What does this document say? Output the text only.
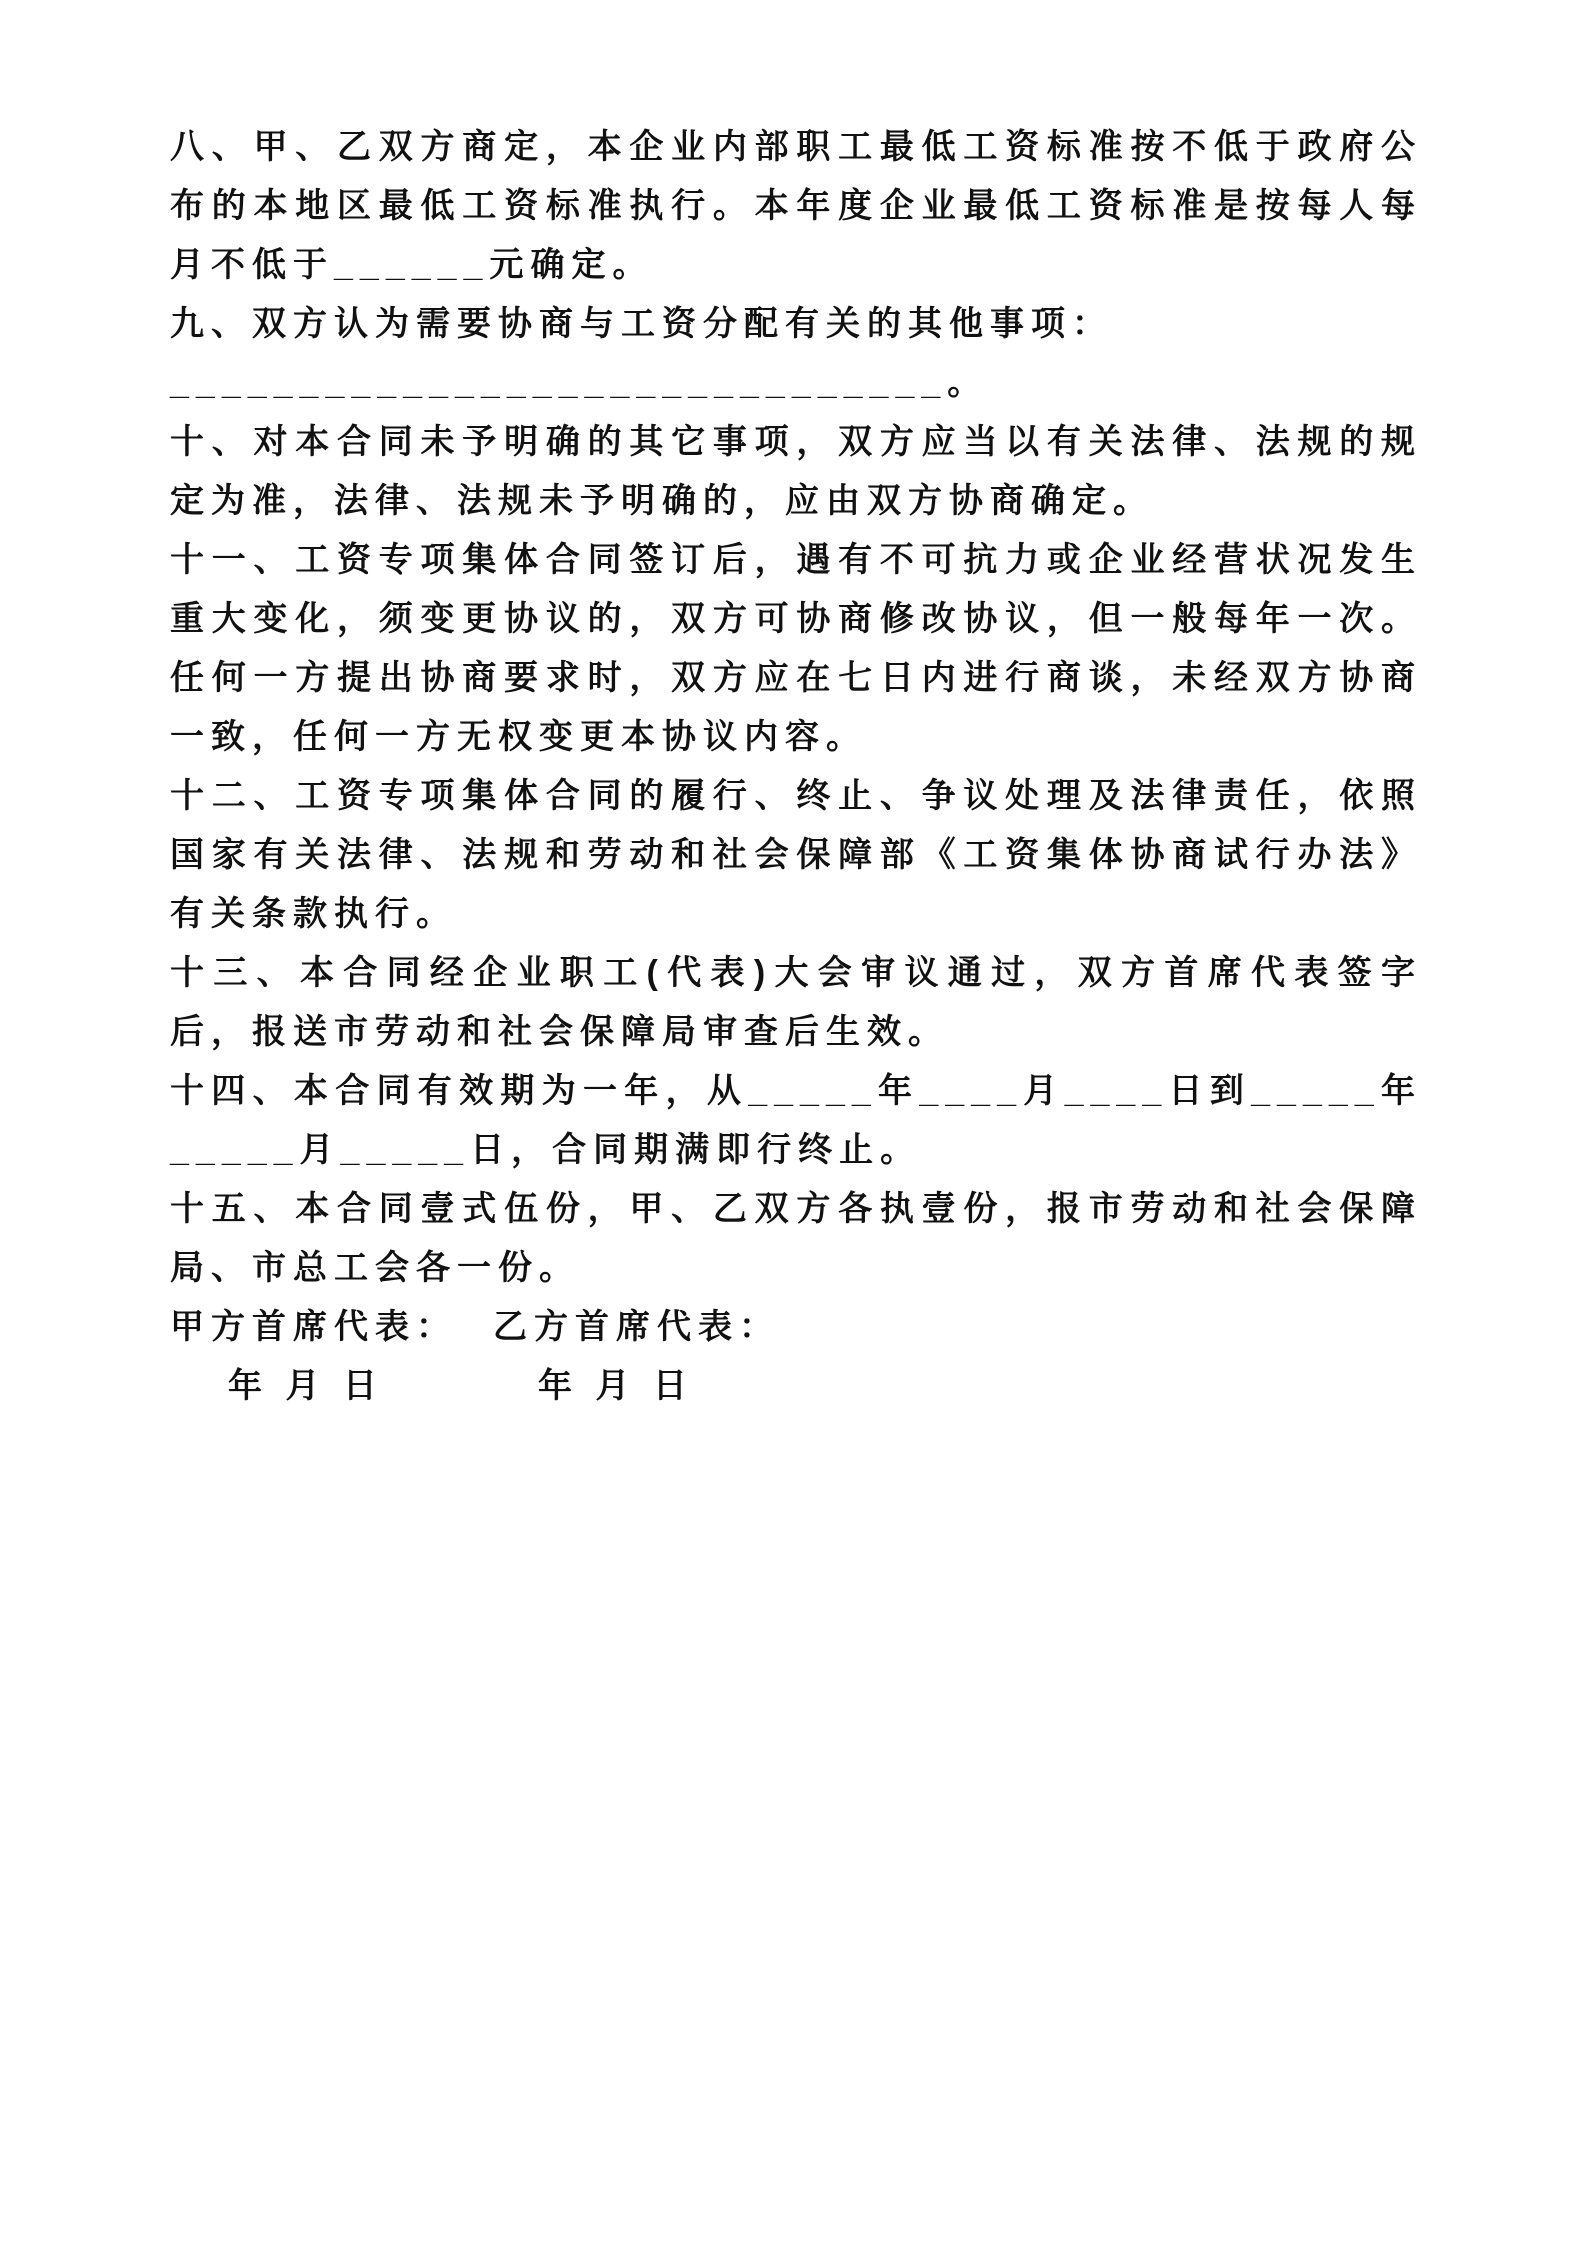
八、甲、乙双方商定，本企业内部职工最低工资标准按不低于政府公布的本地区最低工资标准执行。本年度企业最低工资标准是按每人每月不低于______元确定。

九、双方认为需要协商与工资分配有关的其他事项：

______________________________。

十、对本合同未予明确的其它事项，双方应当以有关法律、法规的规定为准，法律、法规未予明确的，应由双方协商确定。

十一、工资专项集体合同签订后，遇有不可抗力或企业经营状况发生重大变化，须变更协议的，双方可协商修改协议，但一般每年一次。任何一方提出协商要求时，双方应在七日内进行商谈，未经双方协商一致，任何一方无权变更本协议内容。

十二、工资专项集体合同的履行、终止、争议处理及法律责任，依照国家有关法律、法规和劳动和社会保障部《工资集体协商试行办法》有关条款执行。

十三、本合同经企业职工(代表)大会审议通过，双方首席代表签字后，报送市劳动和社会保障局审查后生效。

十四、本合同有效期为一年，从_____年____月____日到_____年_____月_____日，合同期满即行终止。

十五、本合同壹式伍份，甲、乙双方各执壹份，报市劳动和社会保障局、市总工会各一份。

甲方首席代表：

乙方首席代表：

年 月 日

	年 月 日
